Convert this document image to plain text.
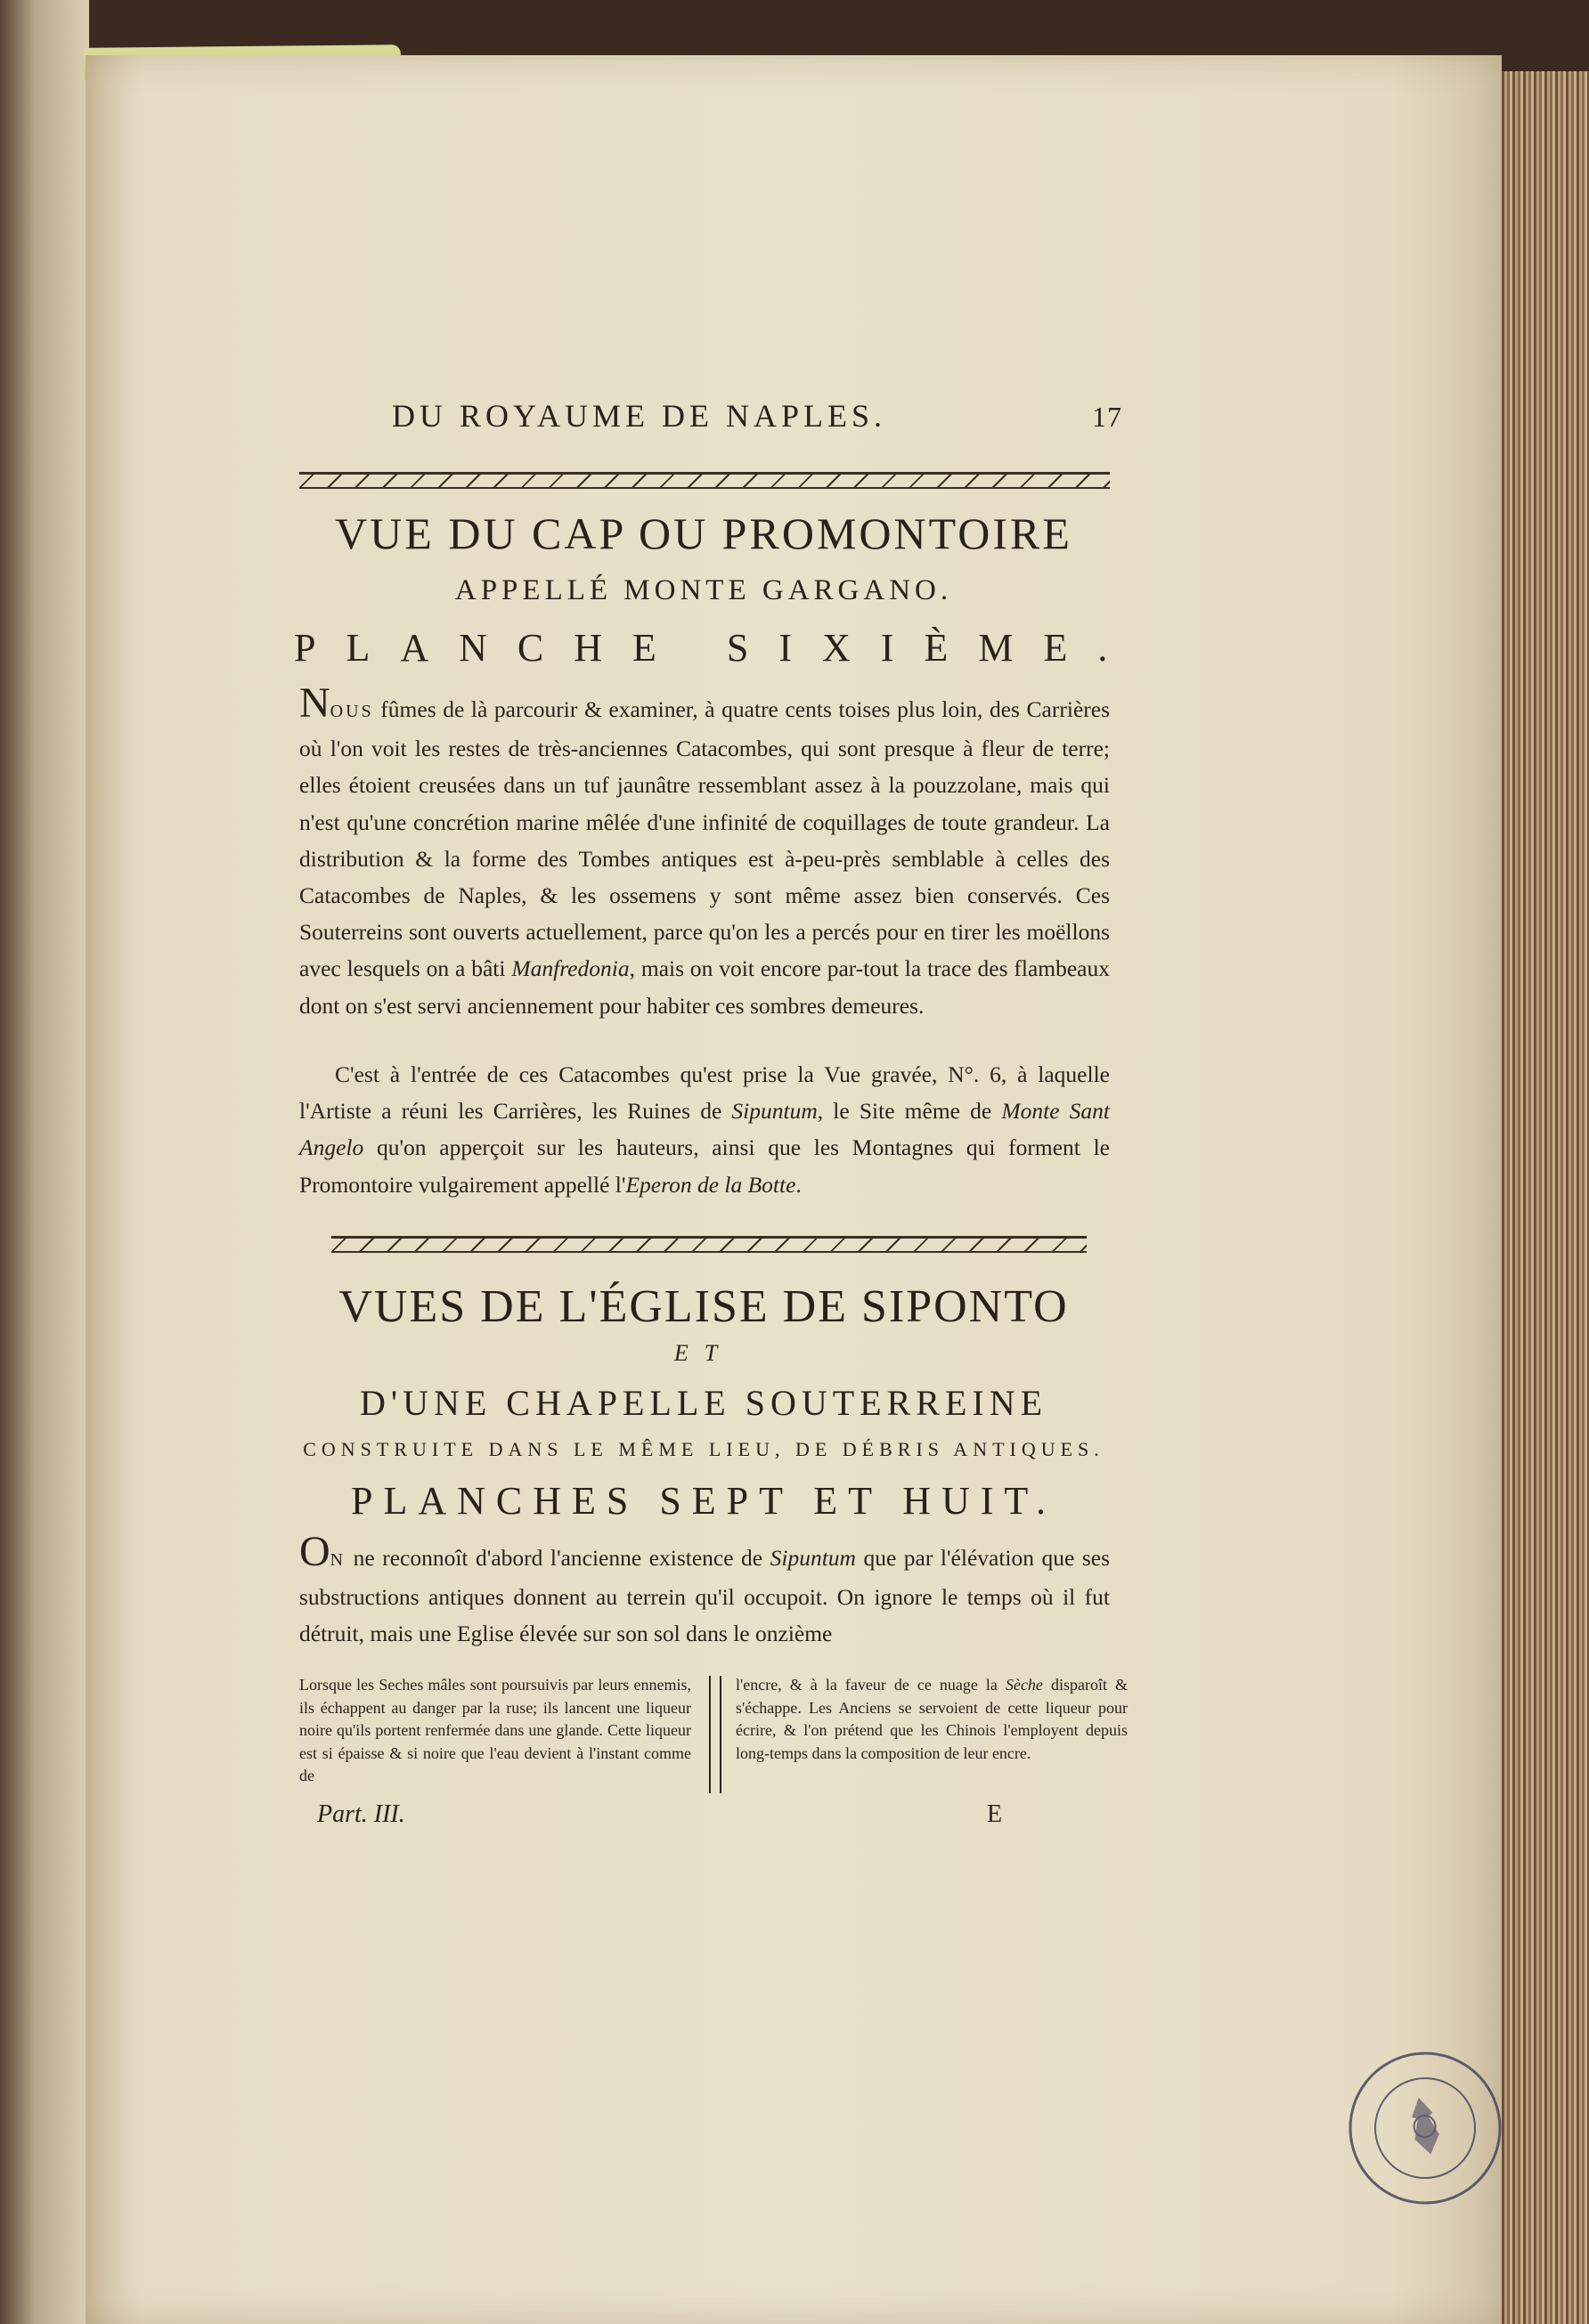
DU ROYAUME DE NAPLES.	17
VUE DU CAP OU PROMONTOIRE
APPELLÉ MONTE GARGANO.
PLANCHE SIXIÈME.
NOUS fûmes de là parcourir & examiner, à quatre cents toises plus loin, des Carrières où l'on voit les restes de très-anciennes Catacombes, qui sont presque à fleur de terre; elles étoient creusées dans un tuf jaunâtre ressemblant assez à la pouzzolane, mais qui n'est qu'une concrétion marine mêlée d'une infinité de coquillages de toute grandeur. La distribution & la forme des Tombes antiques est à-peu-près semblable à celles des Catacombes de Naples, & les ossemens y sont même assez bien conservés. Ces Souterreins sont ouverts actuellement, parce qu'on les a percés pour en tirer les moëllons avec lesquels on a bâti Manfredonia, mais on voit encore par-tout la trace des flambeaux dont on s'est servi anciennement pour habiter ces sombres demeures.
C'est à l'entrée de ces Catacombes qu'est prise la Vue gravée, N°. 6, à laquelle l'Artiste a réuni les Carrières, les Ruines de Sipuntum, le Site même de Monte Sant Angelo qu'on apperçoit sur les hauteurs, ainsi que les Montagnes qui forment le Promontoire vulgairement appellé l'Eperon de la Botte.
VUES DE L'ÉGLISE DE SIPONTO
ET
D'UNE CHAPELLE SOUTERREINE
CONSTRUITE DANS LE MÊME LIEU, DE DÉBRIS ANTIQUES.
PLANCHES SEPT ET HUIT.
ON ne reconnoît d'abord l'ancienne existence de Sipuntum que par l'élévation que ses substructions antiques donnent au terrein qu'il occupoit. On ignore le temps où il fut détruit, mais une Eglise élevée sur son sol dans le onzième
Lorsque les Seches mâles sont poursuivis par leurs ennemis, ils échappent au danger par la ruse; ils lancent une liqueur noire qu'ils portent renfermée dans une glande. Cette liqueur est si épaisse & si noire que l'eau devient à l'instant comme de
l'encre, & à la faveur de ce nuage la Sèche disparoît & s'échappe. Les Anciens se servoient de cette liqueur pour écrire, & l'on prétend que les Chinois l'employent depuis long-temps dans la composition de leur encre.
Part. III.	E
